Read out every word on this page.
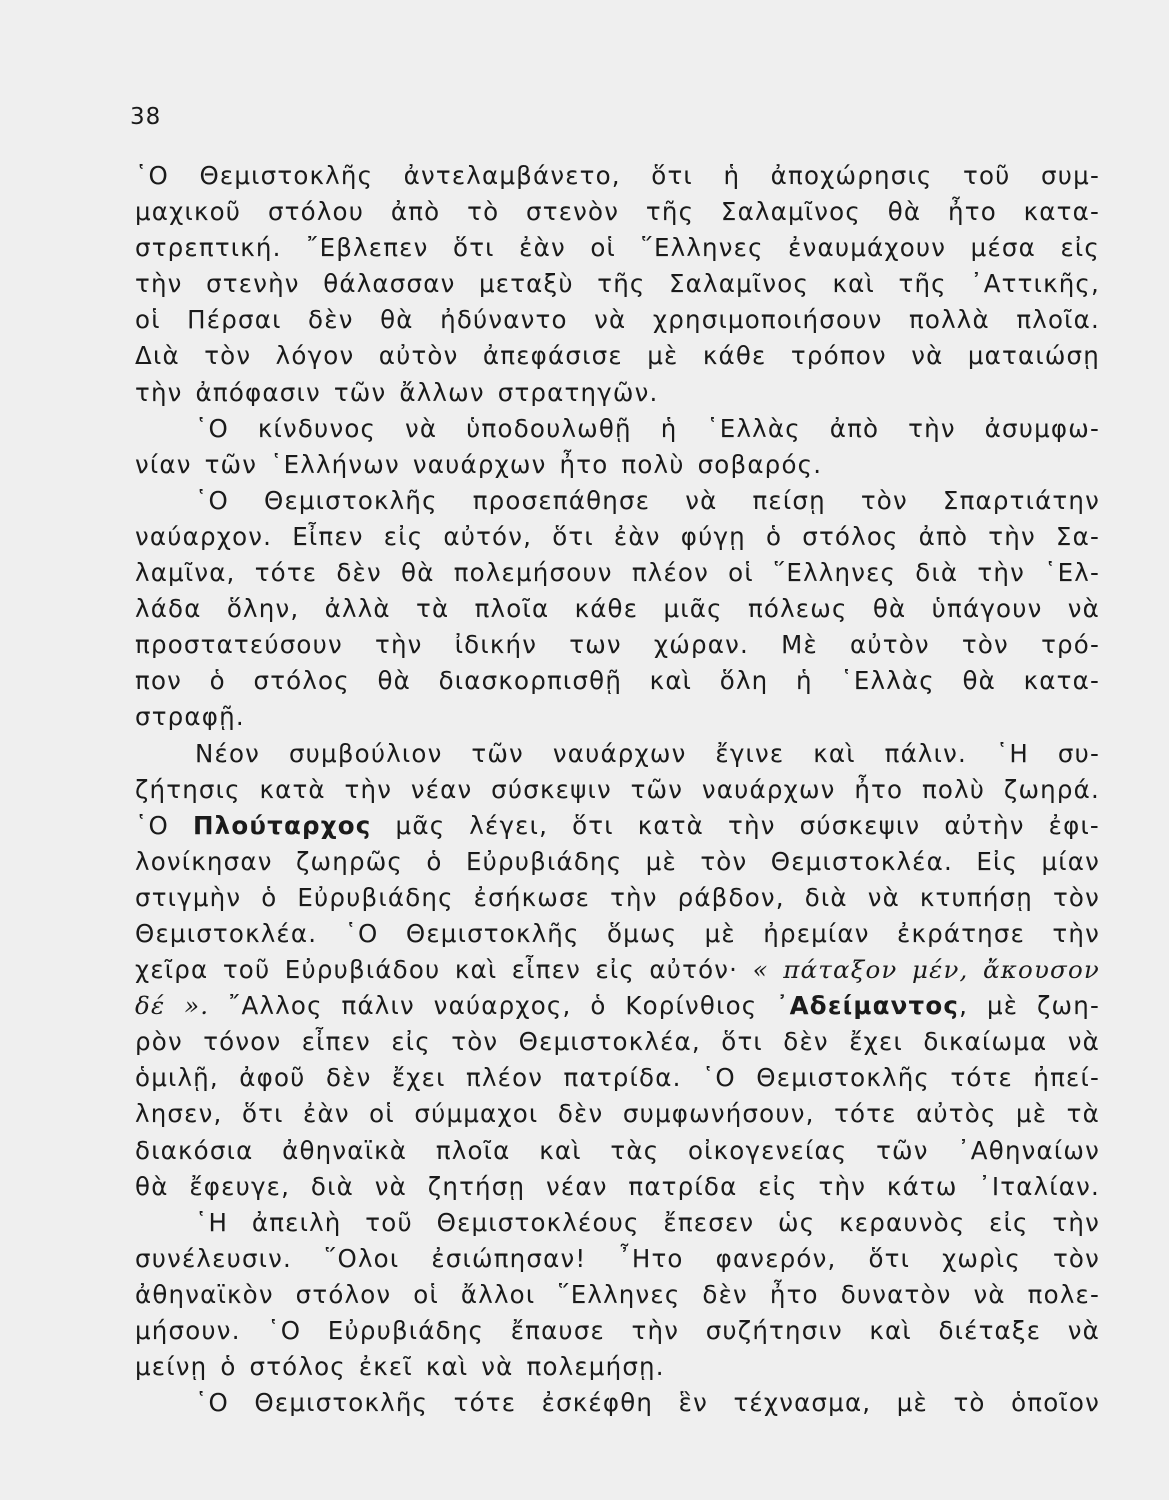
38
῾Ο Θεμιστοκλῆς ἀντελαμβάνετο, ὅτι ἡ ἀποχώρησις τοῦ συμ-
μαχικοῦ στόλου ἀπὸ τὸ στενὸν τῆς Σαλαμῖνος θὰ ἦτο κατα-
στρεπτική. ῎Εβλεπεν ὅτι ἐὰν οἱ ῞Ελληνες ἐναυμάχουν μέσα εἰς
τὴν στενὴν θάλασσαν μεταξὺ τῆς Σαλαμῖνος καὶ τῆς ᾿Αττικῆς,
οἱ Πέρσαι δὲν θὰ ἠδύναντο νὰ χρησιμοποιήσουν πολλὰ πλοῖα.
Διὰ τὸν λόγον αὐτὸν ἀπεφάσισε μὲ κάθε τρόπον νὰ ματαιώσῃ
τὴν ἀπόφασιν τῶν ἄλλων στρατηγῶν.
῾Ο κίνδυνος νὰ ὑποδουλωθῇ ἡ ῾Ελλὰς ἀπὸ τὴν ἀσυμφω-
νίαν τῶν ῾Ελλήνων ναυάρχων ἦτο πολὺ σοβαρός.
῾Ο Θεμιστοκλῆς προσεπάθησε νὰ πείσῃ τὸν Σπαρτιάτην
ναύαρχον. Εἶπεν εἰς αὐτόν, ὅτι ἐὰν φύγῃ ὁ στόλος ἀπὸ τὴν Σα-
λαμῖνα, τότε δὲν θὰ πολεμήσουν πλέον οἱ ῞Ελληνες διὰ τὴν ῾Ελ-
λάδα ὅλην, ἀλλὰ τὰ πλοῖα κάθε μιᾶς πόλεως θὰ ὑπάγουν νὰ
προστατεύσουν τὴν ἰδικήν των χώραν. Μὲ αὐτὸν τὸν τρό-
πον ὁ στόλος θὰ διασκορπισθῇ καὶ ὅλη ἡ ῾Ελλὰς θὰ κατα-
στραφῇ.
Νέον συμβούλιον τῶν ναυάρχων ἔγινε καὶ πάλιν. ῾Η συ-
ζήτησις κατὰ τὴν νέαν σύσκεψιν τῶν ναυάρχων ἦτο πολὺ ζωηρά.
῾Ο Πλούταρχος μᾶς λέγει, ὅτι κατὰ τὴν σύσκεψιν αὐτὴν ἐφι-
λονίκησαν ζωηρῶς ὁ Εὐρυβιάδης μὲ τὸν Θεμιστοκλέα. Εἰς μίαν
στιγμὴν ὁ Εὐρυβιάδης ἐσήκωσε τὴν ράβδον, διὰ νὰ κτυπήσῃ τὸν
Θεμιστοκλέα. ῾Ο Θεμιστοκλῆς ὅμως μὲ ἠρεμίαν ἐκράτησε τὴν
χεῖρα τοῦ Εὐρυβιάδου καὶ εἶπεν εἰς αὐτόν· « πάταξον μέν, ἄκουσον
δέ ». ῎Αλλος πάλιν ναύαρχος, ὁ Κορίνθιος ᾿Αδείμαντος, μὲ ζωη-
ρὸν τόνον εἶπεν εἰς τὸν Θεμιστοκλέα, ὅτι δὲν ἔχει δικαίωμα νὰ
ὁμιλῇ, ἀφοῦ δὲν ἔχει πλέον πατρίδα. ῾Ο Θεμιστοκλῆς τότε ἠπεί-
λησεν, ὅτι ἐὰν οἱ σύμμαχοι δὲν συμφωνήσουν, τότε αὐτὸς μὲ τὰ
διακόσια ἀθηναϊκὰ πλοῖα καὶ τὰς οἰκογενείας τῶν ᾿Αθηναίων
θὰ ἔφευγε, διὰ νὰ ζητήσῃ νέαν πατρίδα εἰς τὴν κάτω ᾿Ιταλίαν.
῾Η ἀπειλὴ τοῦ Θεμιστοκλέους ἔπεσεν ὡς κεραυνὸς εἰς τὴν
συνέλευσιν. ῞Ολοι ἐσιώπησαν! ῏Ητο φανερόν, ὅτι χωρὶς τὸν
ἀθηναϊκὸν στόλον οἱ ἄλλοι ῞Ελληνες δὲν ἦτο δυνατὸν νὰ πολε-
μήσουν. ῾Ο Εὐρυβιάδης ἔπαυσε τὴν συζήτησιν καὶ διέταξε νὰ
μείνῃ ὁ στόλος ἐκεῖ καὶ νὰ πολεμήσῃ.
῾Ο Θεμιστοκλῆς τότε ἐσκέφθη ἓν τέχνασμα, μὲ τὸ ὁποῖον
